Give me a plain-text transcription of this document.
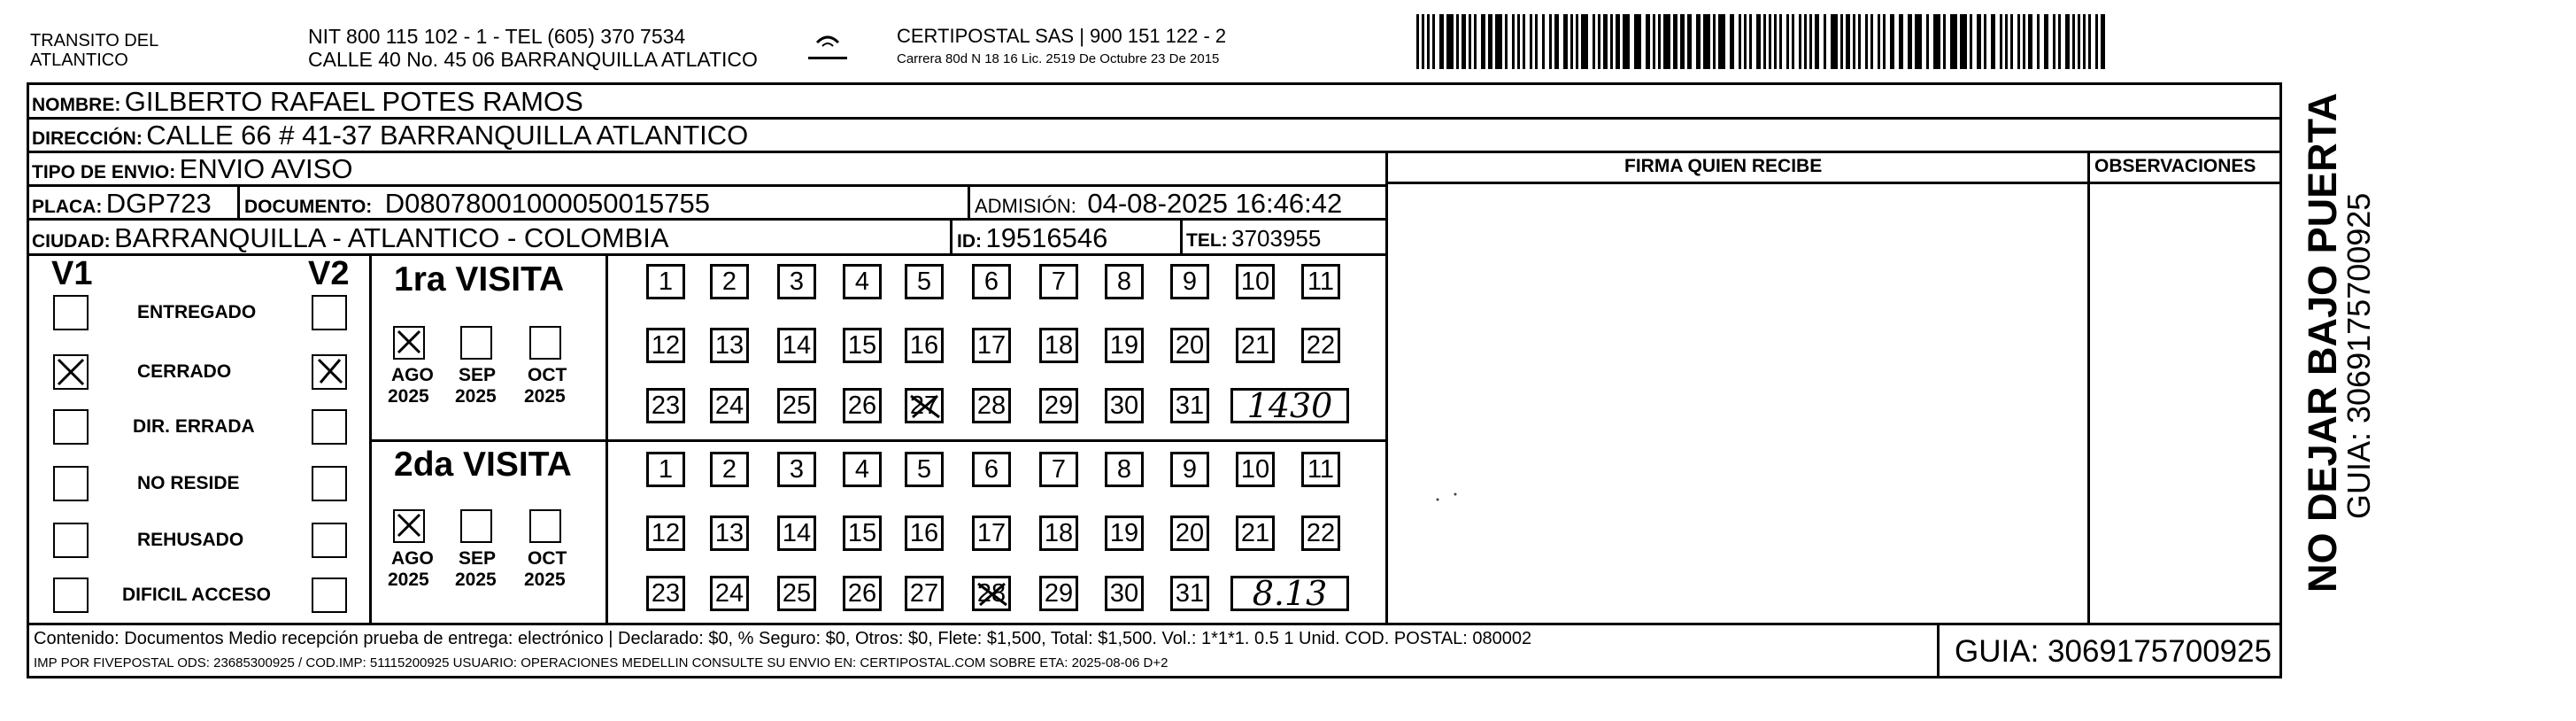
TRANSITO DEL
ATLANTICO
NIT 800 115 102 - 1 - TEL (605) 370 7534
CALLE 40 No. 45 06 BARRANQUILLA ATLATICO
CERTIPOSTAL SAS | 900 151 122 - 2
Carrera 80d N 18 16 Lic. 2519 De Octubre 23 De 2015
NOMBRE: GILBERTO RAFAEL POTES RAMOS
DIRECCIÓN: CALLE 66 # 41-37 BARRANQUILLA ATLANTICO
TIPO DE ENVIO: ENVIO AVISO	FIRMA QUIEN RECIBE	OBSERVACIONES
PLACA: DGP723 DOCUMENTO: D08078001000050015755	ADMISIÓN: 04-08-2025 16:46:42
CIUDAD: BARRANQUILLA - ATLANTICO - COLOMBIA	ID: 19516546	TEL: 3703955
V1	V2
ENTREGADO
CERRADO
DIR. ERRADA
NO RESIDE
REHUSADO
DIFICIL ACCESO
1ra VISITA
AGO
2025
SEP
2025
OCT
2025
1 2 3 4 5 6 7 8 9 10 11
12 13 14 15 16 17 18 19 20 21 22
23 24 25 26 27 28 29 30 31	1430
2da VISITA
AGO
2025
SEP
2025
OCT
2025
1 2 3 4 5 6 7 8 9 10 11
12 13 14 15 16 17 18 19 20 21 22
23 24 25 26 27 28 29 30 31	8.13
Contenido: Documentos Medio recepción prueba de entrega: electrónico | Declarado: $0, % Seguro: $0, Otros: $0, Flete: $1,500, Total: $1,500. Vol.: 1*1*1. 0.5 1 Unid. COD. POSTAL: 080002
IMP POR FIVEPOSTAL ODS: 23685300925 / COD.IMP: 51115200925 USUARIO: OPERACIONES MEDELLIN CONSULTE SU ENVIO EN: CERTIPOSTAL.COM SOBRE ETA: 2025-08-06 D+2	GUIA: 3069175700925
NO DEJAR BAJO PUERTA
GUIA: 3069175700925
